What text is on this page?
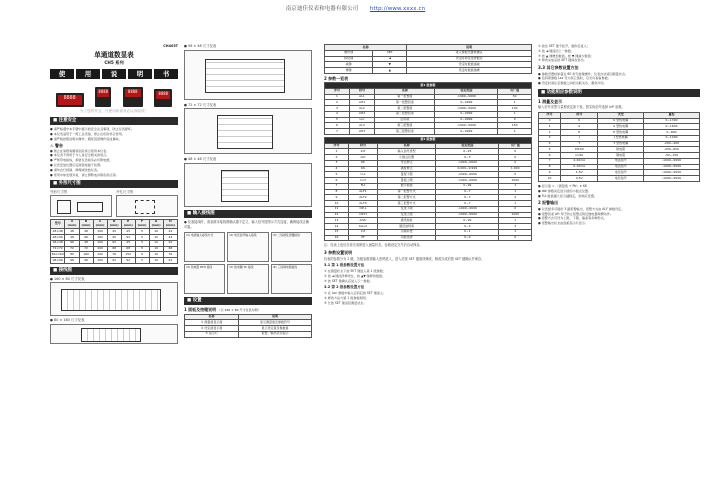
南京迪佳仪表和电器有限公司 http://www.xxxx.cn
CH403T
单通道数显表
CH5 系列
使	用	说	明	书
8888
8888	8888	8888
为了您的安全，在使用前请务必认真阅读！
■ 注意安全
● 请严格遵守本手册中提示的安全注意事项，防止仪表损坏。
● 本仪表适用于一般工业设备，禁止在危险场合使用。
● 请严格按照说明书操作，避免因误操作造成事故。
⚠ 警告
● 禁止在易燃易爆等危险场合使用本仪表。
● 本仪表不得用于与人身安全相关的场合。
● 严禁带电接线，拆装仪表前务必切断电源。
● 仪表安装位置应远离强电磁干扰源。
● 请勿自行拆卸、修理或改装仪表。
● 使用中如发现异常，请立即断电并联系供应商。
■ 外形尺寸图
外形尺寸图	开孔尺寸图
型号	A (mm)	B (mm)	C (mm)	D (mm)	E (mm)	F (mm)	G (mm)	H (mm)
48×48	48	48	100	45	45	5	10	44
48×96	48	96	100	45	92	5	10	44
96×48	96	48	100	92	45	5	10	92
72×72	72	72	100	68	68	5	10	68
80×160	80	160	100	76	152	5	10	76
96×96	96	96	100	92	92	5	10	92
■ 接线图
● 160 × 80 尺寸仪表
● 80 × 160 尺寸仪表
● 96 × 48 尺寸仪表
● 72 × 72 尺寸仪表
● 48 × 48 尺寸仪表
■ 输入接线图
● 仪表接线时，请参照本接线图确认端子定义，输入信号按图示方式连接，确保接线正确可靠。
(1) 电流输入接线方式	(2) 电压信号输入接线	(3) 二线制变送器接线
(4) 热电阻 RTD 接线	(5) 热电偶 TC 接线	(6) 三线制电阻接线
■ 设置
1 面板及按键说明 （以 160 × 80 尺寸仪表为例）
名称	说明
① 测量值显示窗	显示测量值及参数符号
② 设定值显示窗	显示设定值及参数值
③ 指示灯	报警、输出状态指示
名称		说明
操作键	SET	进入参数设置或确认
移位键	◄	设定时移位选择数位
减键	▼	设定时数值递减
增键	▲	设定时数值递增
2 参数一览表
第1 级参数				
序号	符号	名称	设定范围	出厂值
1	AL1	第一报警值	-1999~9999	50
2	AH1	第一报警回差	0~9999	1
3	AL2	第二报警值	-1999~9999	100
4	AH2	第二报警回差	0~9999	1
5	Loc	密码锁	0~9999	0
6	AL3	第三报警值	-1999~9999	150
7	AH3	第三报警回差	0~9999	1
第2 级参数				
序号	符号	名称	设定范围	出厂值
1	InP	输入信号类型	0~25	0
2	dot	小数点位置	0~3	0
3	Pb	零点修正	-1999~9999	0
4	KK	满度修正	0.000~9.999	1.000
5	U-L	量程下限	-1999~9999	0
6	U-H	量程上限	-1999~9999	1000
7	FLt	数字滤波	0~99	1
8	ALF1	第一报警方式	0~7	1
9	ALF2	第二报警方式	0~7	2
10	ALF3	第三报警方式	0~7	1
11	OP-L	变送下限	-1999~9999	0
12	OP-H	变送上限	-1999~9999	1000
13	Addr	通讯地址	0~99	1
14	bAud	通讯波特率	0~3	3
15	Crt	冷端补偿	0~1	1
16	PF	功能选择	0~9	0
注：仪表上电后自检完成即进入测量状态，参数设定完毕后自动保存。
3 参数设置说明
仪表的参数分为 2 级，各级参数需输入密码进入，进入后按 SET 键逐项修改，修改完成后按 SET 键确认并保存。
3.1 第 1 级参数设置方法
① 在测量状态下按 SET 键进入第 1 级参数；
② 按 ◄ 键选择修改位，按 ▲▼ 键修改数值；
③ 按 SET 键确认后进入下一参数。
3.2 第 2 级参数设置方法
① 在 Loc 参数中输入密码后按 SET 键进入；
② 修改方法与第 1 级参数相同；
③ 长按 SET 键返回测量状态。
① 按住 SET 键不松开，数秒后进入；
② 按 ◄ 键返回上一参数；
③ 按 ▲ 键增加数值，按 ▼ 键减少数值；
④ 修改完成后按 SET 键保存退出。
3.3 其它参数设置方法
● 参数设置时如超过 60 秒无按键操作，仪表自动返回测量状态。
● 密码锁参数 Loc 设为其它值时，仅允许查看参数。
● 设定时请注意参数之间的关联关系，避免冲突。
■ 功能相应参数说明
1 测量及显示
输入信号类型与量程设定如下表，按实际信号选择 InP 参数。
序号	符号	类型	量程
0	K	K 型热电偶	0~1300
1	S	S 型热电偶	0~1600
2	E	E 型热电偶	0~800
3	J	J 型热电偶	0~1000
4	T	T 型热电偶	-200~400
5	Pt100	铂电阻	-200~650
6	Cu50	铜电阻	-50~150
7	4-20mA	电流信号	-1999~9999
8	0-10mA	电流信号	-1999~9999
9	1-5V	电压信号	-1999~9999
10	0-5V	电压信号	-1999~9999
● 显示值 = （测量值 + Pb）× KK
● dot 参数决定显示值的小数点位置。
● FLt 数值越大显示越稳定，但响应变慢。
2 报警输出
● 仪表最多可提供 3 路报警输出，报警方式由 ALF 参数设定。
● 报警回差 AH 用于防止报警点附近继电器频繁动作。
● 报警方式可设为上限、下限、偏差等多种形式。
● 报警输出状态由面板指示灯显示。
